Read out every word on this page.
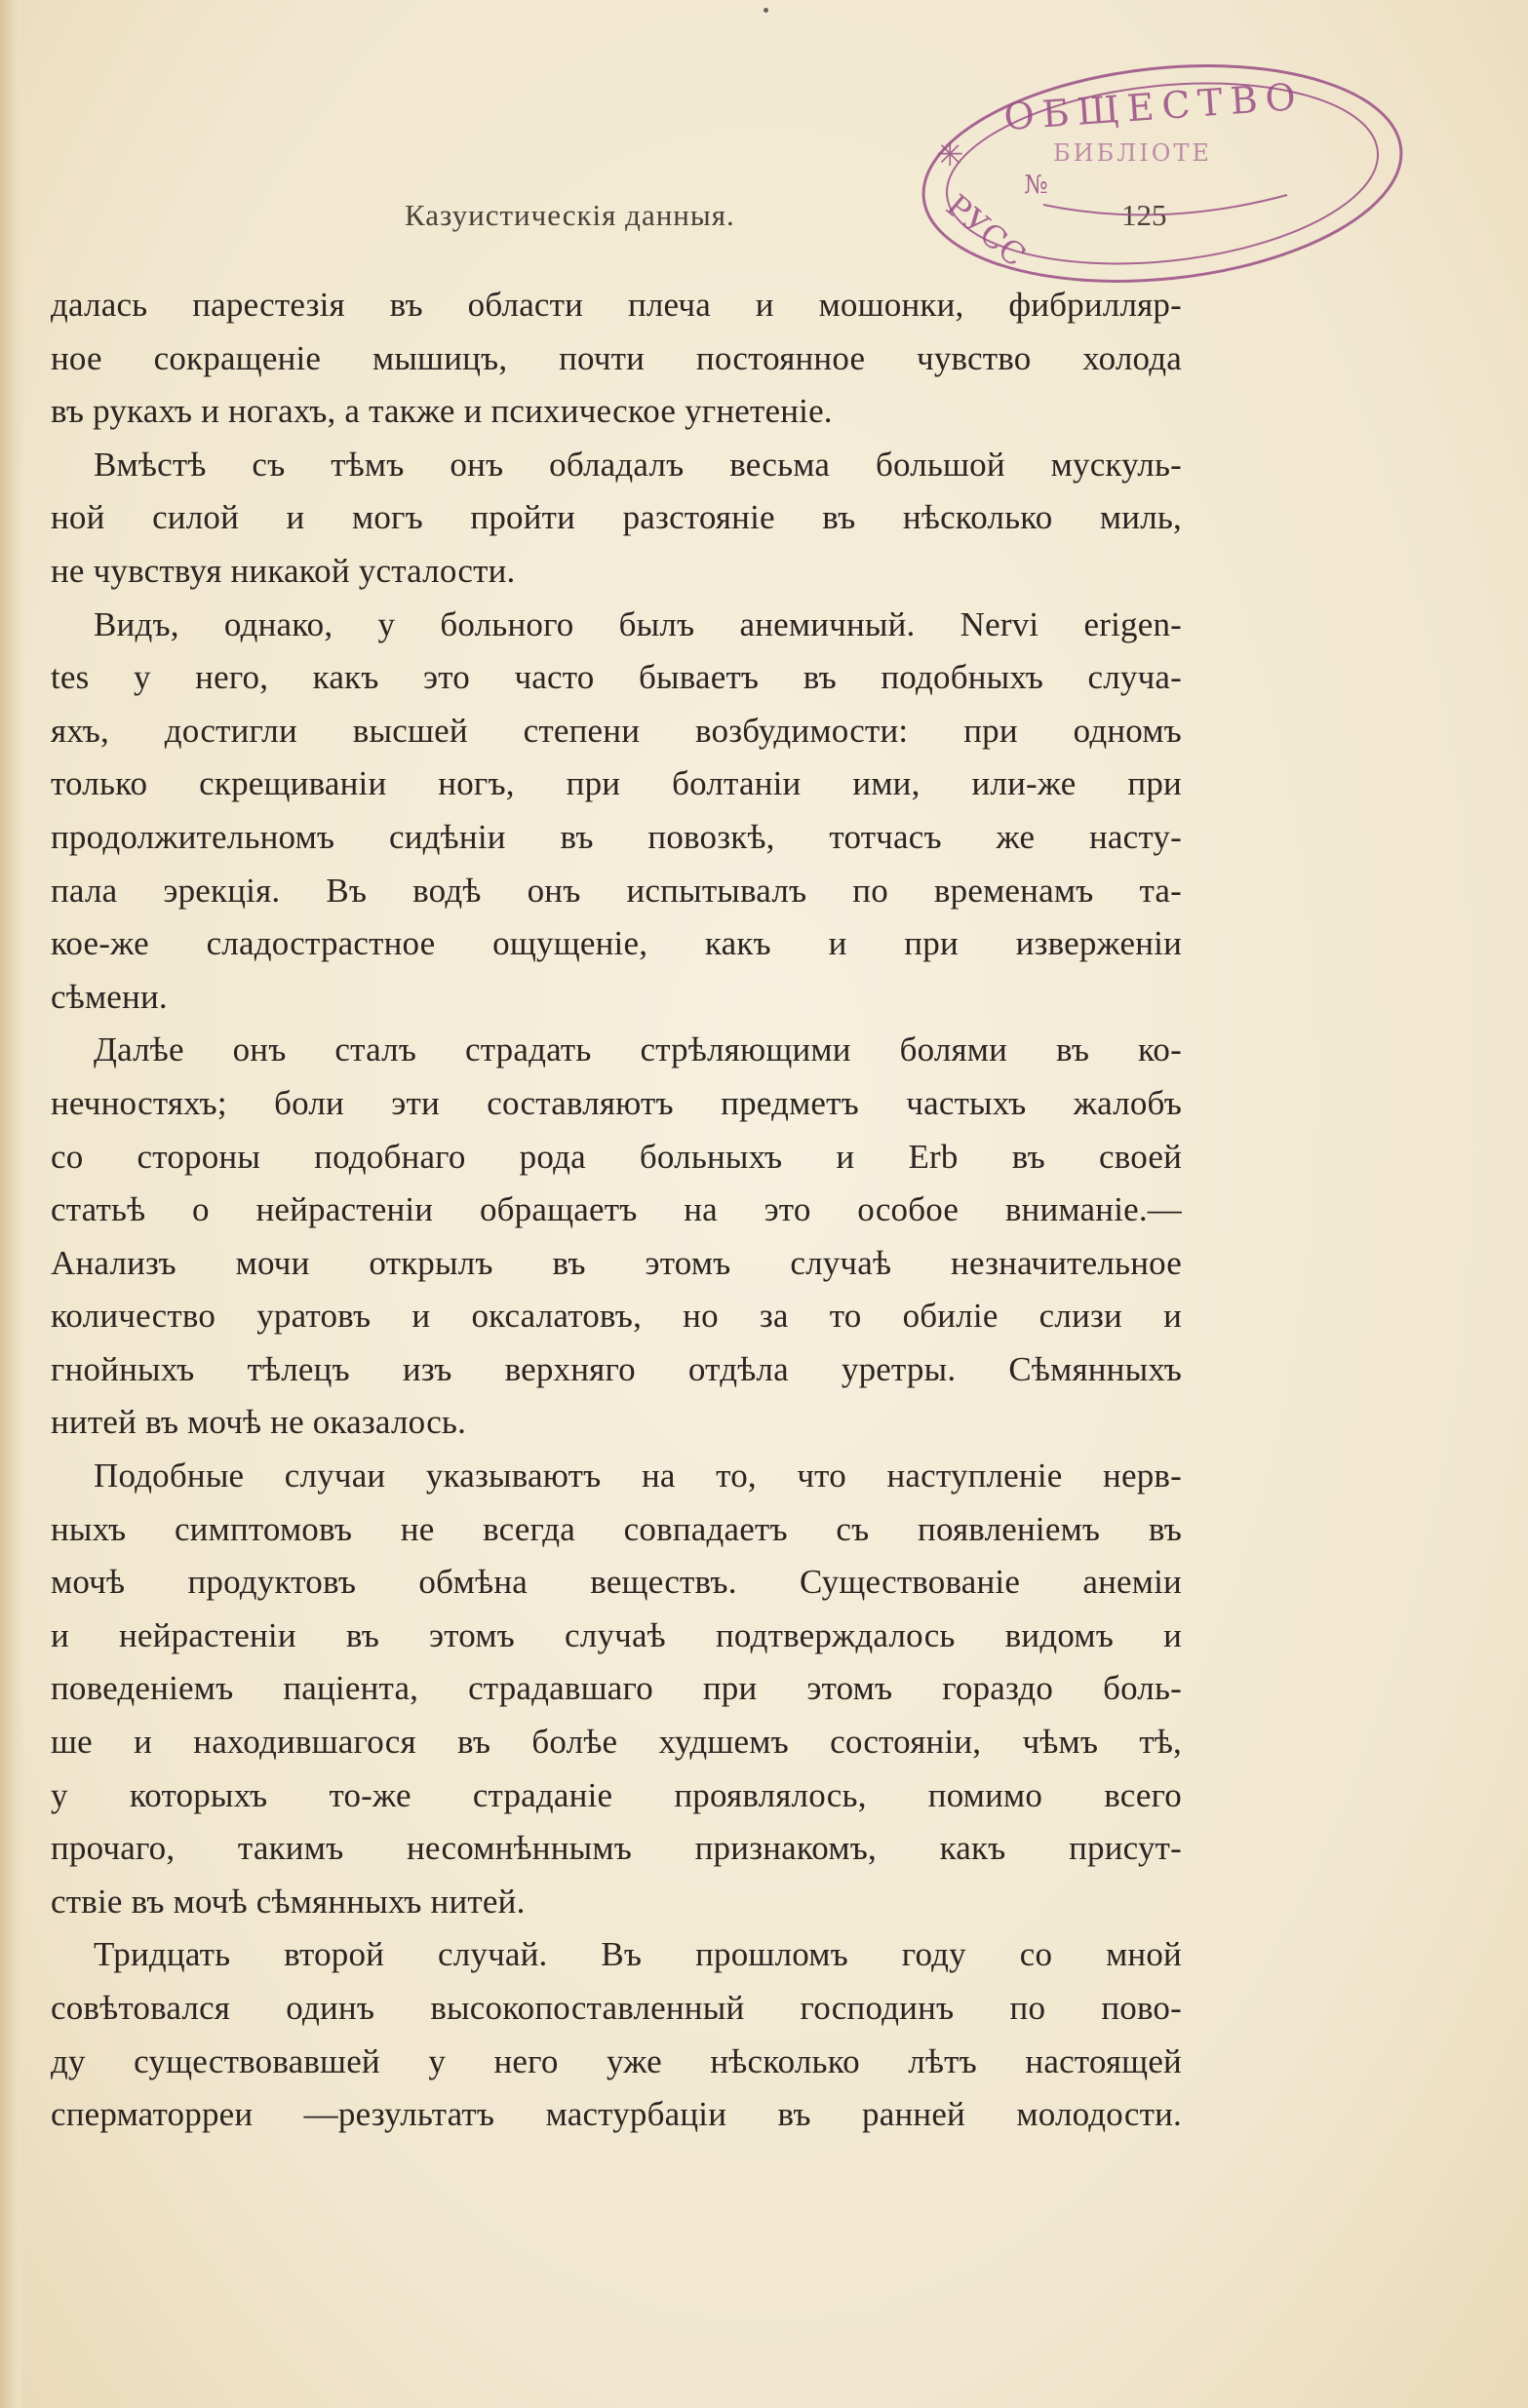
Казуистическія данныя.	125
ОБЩЕСТВО
БИБЛІОТЕ
№
РУСС
✳
далась парестезія въ области плеча и мошонки, фибрилляр-
ное сокращеніе мышицъ, почти постоянное чувство холода
въ рукахъ и ногахъ, а также и психическое угнетеніе.
Вмѣстѣ съ тѣмъ онъ обладалъ весьма большой мускуль-
ной силой и могъ пройти разстояніе въ нѣсколько миль,
не чувствуя никакой усталости.
Видъ, однако, у больного былъ анемичный. Nervi erigen-
tes у него, какъ это часто бываетъ въ подобныхъ случа-
яхъ, достигли высшей степени возбудимости: при одномъ
только скрещиваніи ногъ, при болтаніи ими, или-же при
продолжительномъ сидѣніи въ повозкѣ, тотчасъ же насту-
пала эрекція. Въ водѣ онъ испытывалъ по временамъ та-
кое-же сладострастное ощущеніе, какъ и при изверженіи
сѣмени.
Далѣе онъ сталъ страдать стрѣляющими болями въ ко-
нечностяхъ; боли эти составляютъ предметъ частыхъ жалобъ
со стороны подобнаго рода больныхъ и Erb въ своей
статьѣ о нейрастеніи обращаетъ на это особое вниманіе.—
Анализъ мочи открылъ въ этомъ случаѣ незначительное
количество уратовъ и оксалатовъ, но за то обиліе слизи и
гнойныхъ тѣлецъ изъ верхняго отдѣла уретры. Сѣмянныхъ
нитей въ мочѣ не оказалось.
Подобные случаи указываютъ на то, что наступленіе нерв-
ныхъ симптомовъ не всегда совпадаетъ съ появленіемъ въ
мочѣ продуктовъ обмѣна веществъ. Существованіе анеміи
и нейрастеніи въ этомъ случаѣ подтверждалось видомъ и
поведеніемъ пацiента, страдавшаго при этомъ гораздо боль-
ше и находившагося въ болѣе худшемъ состояніи, чѣмъ тѣ,
у которыхъ то-же страданіе проявлялось, помимо всего
прочаго, такимъ несомнѣннымъ признакомъ, какъ присут-
ствіе въ мочѣ сѣмянныхъ нитей.
Тридцать второй случай. Въ прошломъ году со мной
совѣтовался одинъ высокопоставленный господинъ по пово-
ду существовавшей у него уже нѣсколько лѣтъ настоящей
сперматорреи —результатъ мастурбаціи въ ранней молодости.
